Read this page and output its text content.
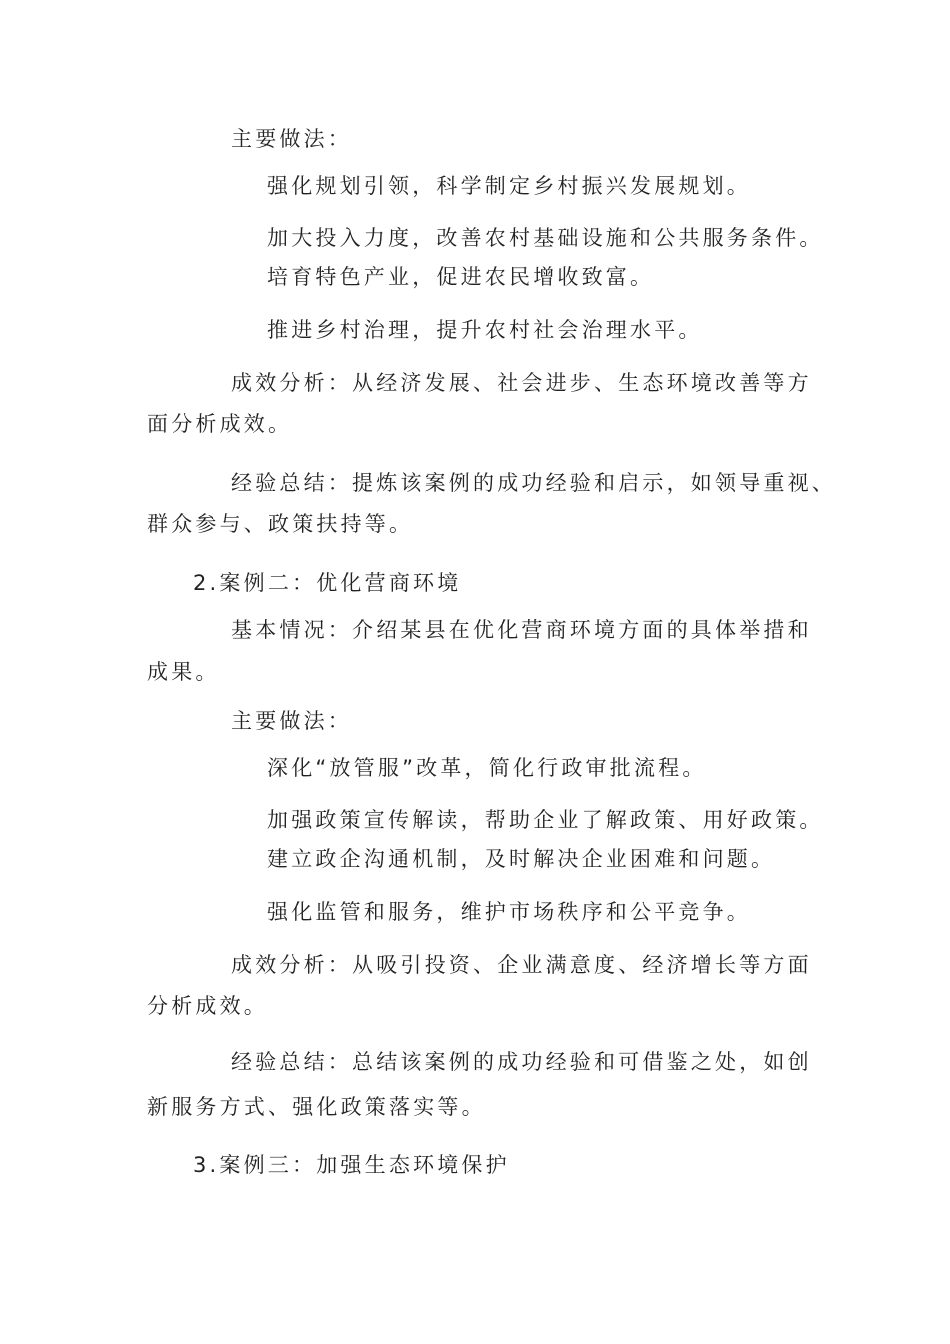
主要做法：
强化规划引领，科学制定乡村振兴发展规划。
加大投入力度，改善农村基础设施和公共服务条件。
培育特色产业，促进农民增收致富。
推进乡村治理，提升农村社会治理水平。
成效分析：从经济发展、社会进步、生态环境改善等方
面分析成效。
经验总结：提炼该案例的成功经验和启示，如领导重视、
群众参与、政策扶持等。
2.案例二：优化营商环境
基本情况：介绍某县在优化营商环境方面的具体举措和
成果。
主要做法：
深化“放管服”改革，简化行政审批流程。
加强政策宣传解读，帮助企业了解政策、用好政策。
建立政企沟通机制，及时解决企业困难和问题。
强化监管和服务，维护市场秩序和公平竞争。
成效分析：从吸引投资、企业满意度、经济增长等方面
分析成效。
经验总结：总结该案例的成功经验和可借鉴之处，如创
新服务方式、强化政策落实等。
3.案例三：加强生态环境保护
